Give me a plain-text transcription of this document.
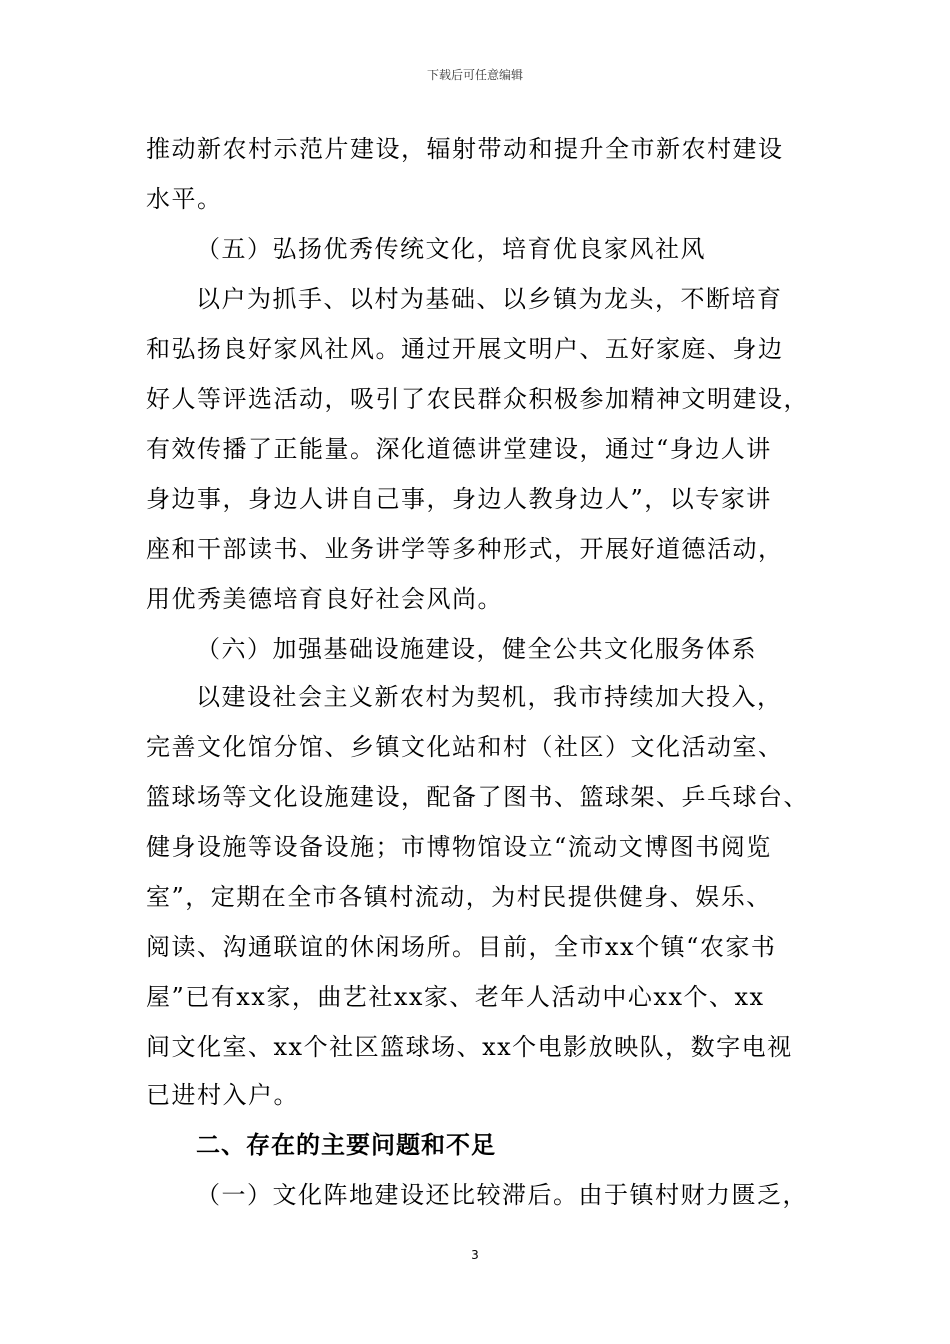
下载后可任意编辑
推动新农村示范片建设，辐射带动和提升全市新农村建设
水平。
（五）弘扬优秀传统文化，培育优良家风社风
以户为抓手、以村为基础、以乡镇为龙头，不断培育
和弘扬良好家风社风。通过开展文明户、五好家庭、身边
好人等评选活动，吸引了农民群众积极参加精神文明建设，
有效传播了正能量。深化道德讲堂建设，通过“身边人讲
身边事，身边人讲自己事，身边人教身边人”，以专家讲
座和干部读书、业务讲学等多种形式，开展好道德活动，
用优秀美德培育良好社会风尚。
（六）加强基础设施建设，健全公共文化服务体系
以建设社会主义新农村为契机，我市持续加大投入，
完善文化馆分馆、乡镇文化站和村（社区）文化活动室、
篮球场等文化设施建设，配备了图书、篮球架、乒乓球台、
健身设施等设备设施；市博物馆设立“流动文博图书阅览
室”，定期在全市各镇村流动，为村民提供健身、娱乐、
阅读、沟通联谊的休闲场所。目前，全市xx个镇“农家书
屋”已有xx家，曲艺社xx家、老年人活动中心xx个、xx
间文化室、xx个社区篮球场、xx个电影放映队，数字电视
已进村入户。
二、存在的主要问题和不足
（一）文化阵地建设还比较滞后。由于镇村财力匮乏，
3
